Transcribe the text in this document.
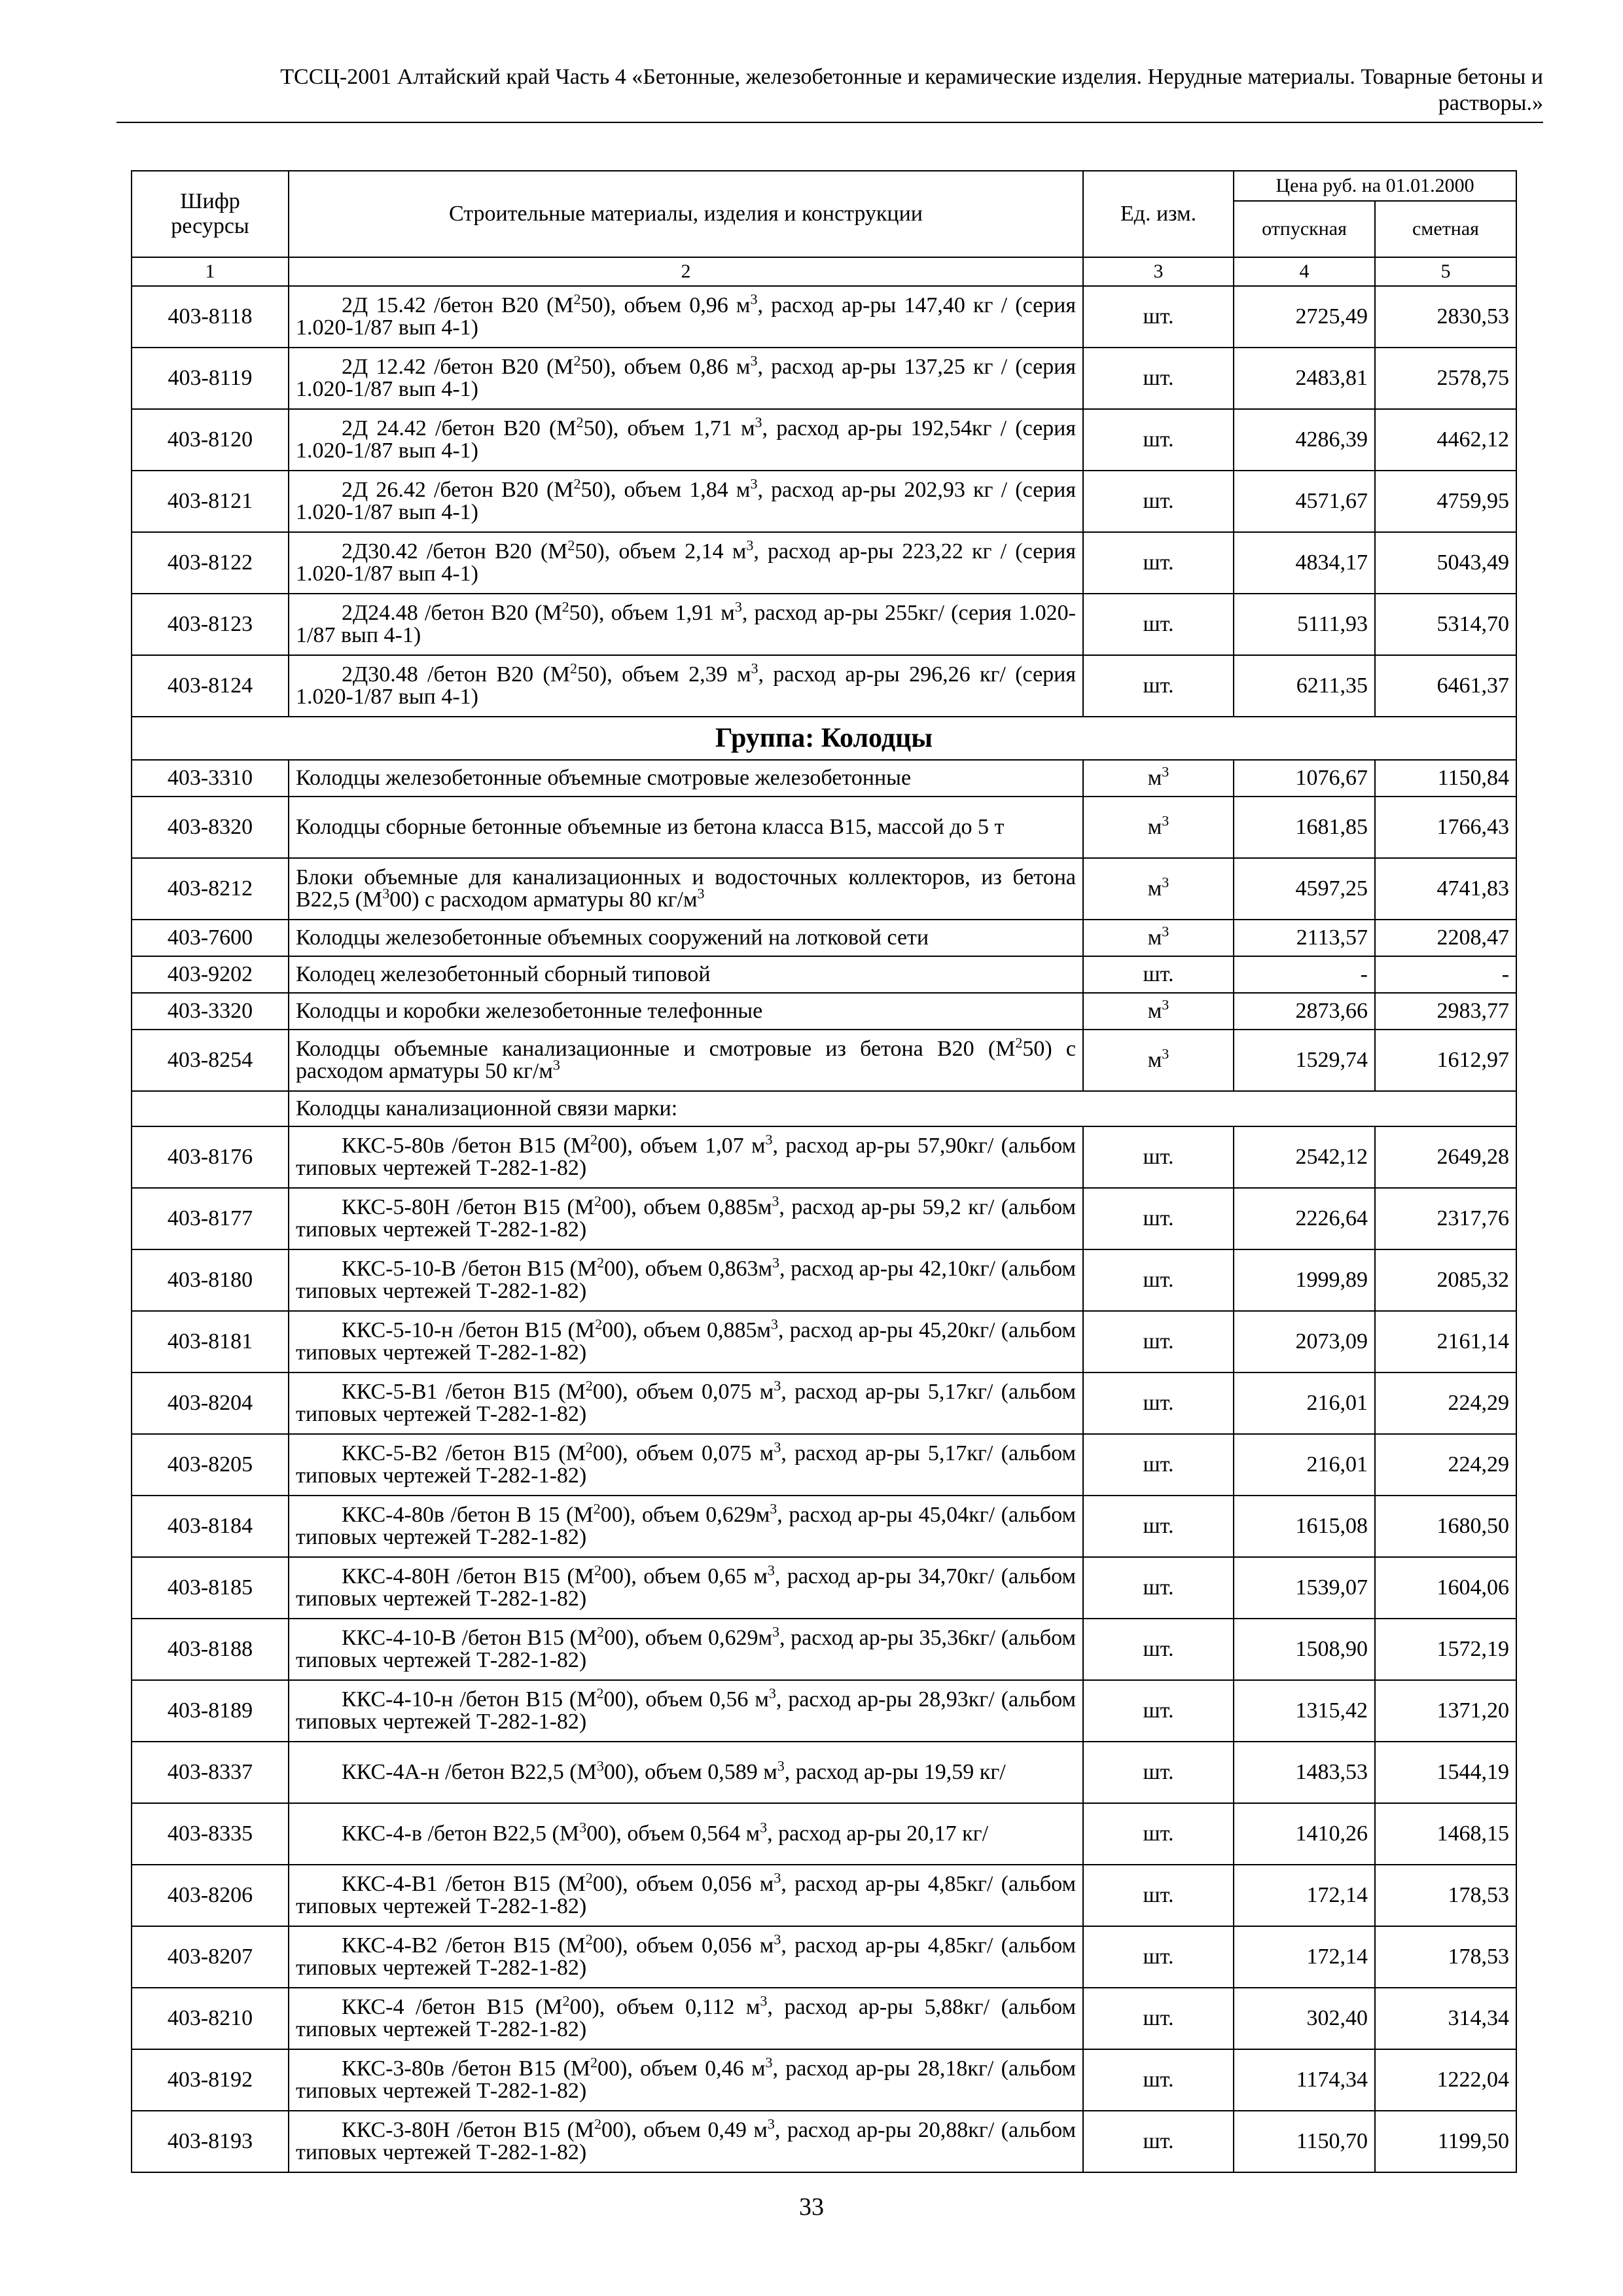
ТССЦ-2001 Алтайский край Часть 4 «Бетонные, железобетонные и керамические изделия. Нерудные материалы. Товарные бетоны и
растворы.»
Шифр ресурсы	Строительные материалы, изделия и конструкции	Ед. изм.	Цена руб. на 01.01.2000	
			отпускная	сметная
1	2	3	4	5
403-8118	2Д 15.42 /бетон В20 $(М^250)$, объем 0,96 $м^3$, расход ар-ры 147,40 кг / (серия 1.020-1/87 вып 4-1)	шт.	2725,49	2830,53
403-8119	2Д 12.42 /бетон В20 $(М^250)$, объем 0,86 $м^3$, расход ар-ры 137,25 кг / (серия 1.020-1/87 вып 4-1)	шт.	2483,81	2578,75
403-8120	2Д 24.42 /бетон В20 $(М^250)$, объем 1,71 $м^3$, расход ар-ры 192,54кг / (серия 1.020-1/87 вып 4-1)	шт.	4286,39	4462,12
403-8121	2Д 26.42 /бетон В20 $(М^250)$, объем 1,84 $м^3$, расход ар-ры 202,93 кг / (серия 1.020-1/87 вып 4-1)	шт.	4571,67	4759,95
403-8122	2Д30.42 /бетон В20 $(М^250)$, объем 2,14 $м^3$, расход ар-ры 223,22 кг / (серия 1.020-1/87 вып 4-1)	шт.	4834,17	5043,49
403-8123	2Д24.48 /бетон В20 $(М^250)$, объем 1,91 $м^3$, расход ар-ры 255кг/ (серия 1.020-1/87 вып 4-1)	шт.	5111,93	5314,70
403-8124	2Д30.48 /бетон В20 $(М^250)$, объем 2,39 $м^3$, расход ар-ры 296,26 кг/ (серия 1.020-1/87 вып 4-1)	шт.	6211,35	6461,37
Группа: Колодцы				
403-3310	Колодцы железобетонные объемные смотровые железобетонные	$м^3$	1076,67	1150,84
403-8320	Колодцы сборные бетонные объемные из бетона класса В15, массой до 5 т	$м^3$	1681,85	1766,43
403-8212	Блоки объемные для канализационных и водосточных коллекторов, из бетона В22,5 $(М^300)$ с расходом арматуры 80 $кг/м^3$	$м^3$	4597,25	4741,83
403-7600	Колодцы железобетонные объемных сооружений на лотковой сети	$м^3$	2113,57	2208,47
403-9202	Колодец железобетонный сборный типовой	шт.	-	-
403-3320	Колодцы и коробки железобетонные телефонные	$м^3$	2873,66	2983,77
403-8254	Колодцы объемные канализационные и смотровые из бетона В20 $(М^250)$ с расходом арматуры 50 $кг/м^3$	$м^3$	1529,74	1612,97
	Колодцы канализационной связи марки:			
403-8176	ККС-5-80в /бетон В15 $(М^200)$, объем 1,07 $м^3$, расход ар-ры 57,90кг/ (альбом типовых чертежей Т-282-1-82)	шт.	2542,12	2649,28
403-8177	ККС-5-80Н /бетон В15 $(М^200)$, объем $0,885м^3$, расход ар-ры 59,2 кг/ (альбом типовых чертежей Т-282-1-82)	шт.	2226,64	2317,76
403-8180	ККС-5-10-В /бетон В15 $(М^200)$, объем $0,863м^3$, расход ар-ры 42,10кг/ (альбом типовых чертежей Т-282-1-82)	шт.	1999,89	2085,32
403-8181	ККС-5-10-н /бетон В15 $(М^200)$, объем $0,885м^3$, расход ар-ры 45,20кг/ (альбом типовых чертежей Т-282-1-82)	шт.	2073,09	2161,14
403-8204	ККС-5-В1 /бетон В15 $(М^200)$, объем 0,075 $м^3$, расход ар-ры 5,17кг/ (альбом типовых чертежей Т-282-1-82)	шт.	216,01	224,29
403-8205	ККС-5-В2 /бетон В15 $(М^200)$, объем 0,075 $м^3$, расход ар-ры 5,17кг/ (альбом типовых чертежей Т-282-1-82)	шт.	216,01	224,29
403-8184	ККС-4-80в /бетон В 15 $(М^200)$, объем $0,629м^3$, расход ар-ры 45,04кг/ (альбом типовых чертежей Т-282-1-82)	шт.	1615,08	1680,50
403-8185	ККС-4-80Н /бетон В15 $(М^200)$, объем 0,65 $м^3$, расход ар-ры 34,70кг/ (альбом типовых чертежей Т-282-1-82)	шт.	1539,07	1604,06
403-8188	ККС-4-10-В /бетон В15 $(М^200)$, объем $0,629м^3$, расход ар-ры 35,36кг/ (альбом типовых чертежей Т-282-1-82)	шт.	1508,90	1572,19
403-8189	ККС-4-10-н /бетон В15 $(М^200)$, объем 0,56 $м^3$, расход ар-ры 28,93кг/ (альбом типовых чертежей Т-282-1-82)	шт.	1315,42	1371,20
403-8337	ККС-4А-н /бетон В22,5 $(М^300)$, объем 0,589 $м^3$, расход ар-ры 19,59 кг/	шт.	1483,53	1544,19
403-8335	ККС-4-в /бетон В22,5 $(М^300)$, объем 0,564 $м^3$, расход ар-ры 20,17 кг/	шт.	1410,26	1468,15
403-8206	ККС-4-В1 /бетон В15 $(М^200)$, объем 0,056 $м^3$, расход ар-ры 4,85кг/ (альбом типовых чертежей Т-282-1-82)	шт.	172,14	178,53
403-8207	ККС-4-В2 /бетон В15 $(М^200)$, объем 0,056 $м^3$, расход ар-ры 4,85кг/ (альбом типовых чертежей Т-282-1-82)	шт.	172,14	178,53
403-8210	ККС-4 /бетон В15 $(М^200)$, объем 0,112 $м^3$, расход ар-ры 5,88кг/ (альбом типовых чертежей Т-282-1-82)	шт.	302,40	314,34
403-8192	ККС-3-80в /бетон В15 $(М^200)$, объем 0,46 $м^3$, расход ар-ры 28,18кг/ (альбом типовых чертежей Т-282-1-82)	шт.	1174,34	1222,04
403-8193	ККС-3-80Н /бетон В15 $(М^200)$, объем 0,49 $м^3$, расход ар-ры 20,88кг/ (альбом типовых чертежей Т-282-1-82)	шт.	1150,70	1199,50
33
